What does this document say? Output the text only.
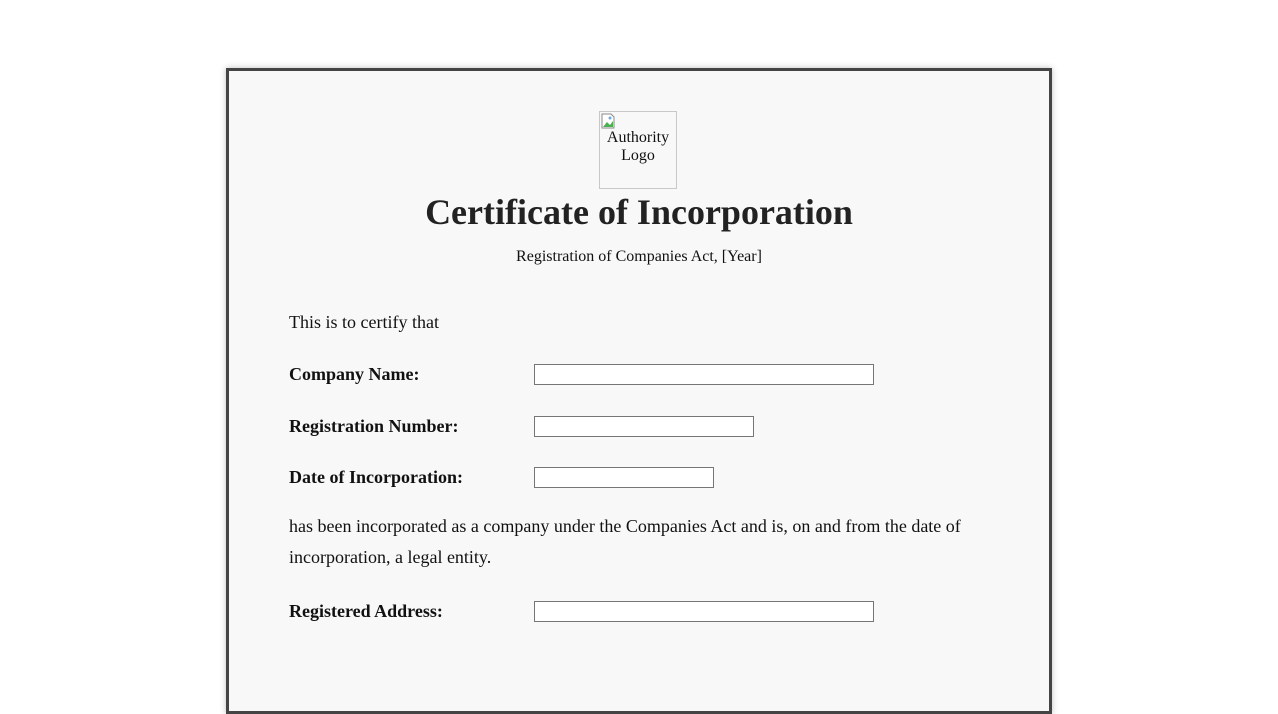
Authority Logo
Certificate of Incorporation
Registration of Companies Act, [Year]
This is to certify that
Company Name:
Registration Number:
Date of Incorporation:
has been incorporated as a company under the Companies Act and is, on and from the date of incorporation, a legal entity.
Registered Address:
